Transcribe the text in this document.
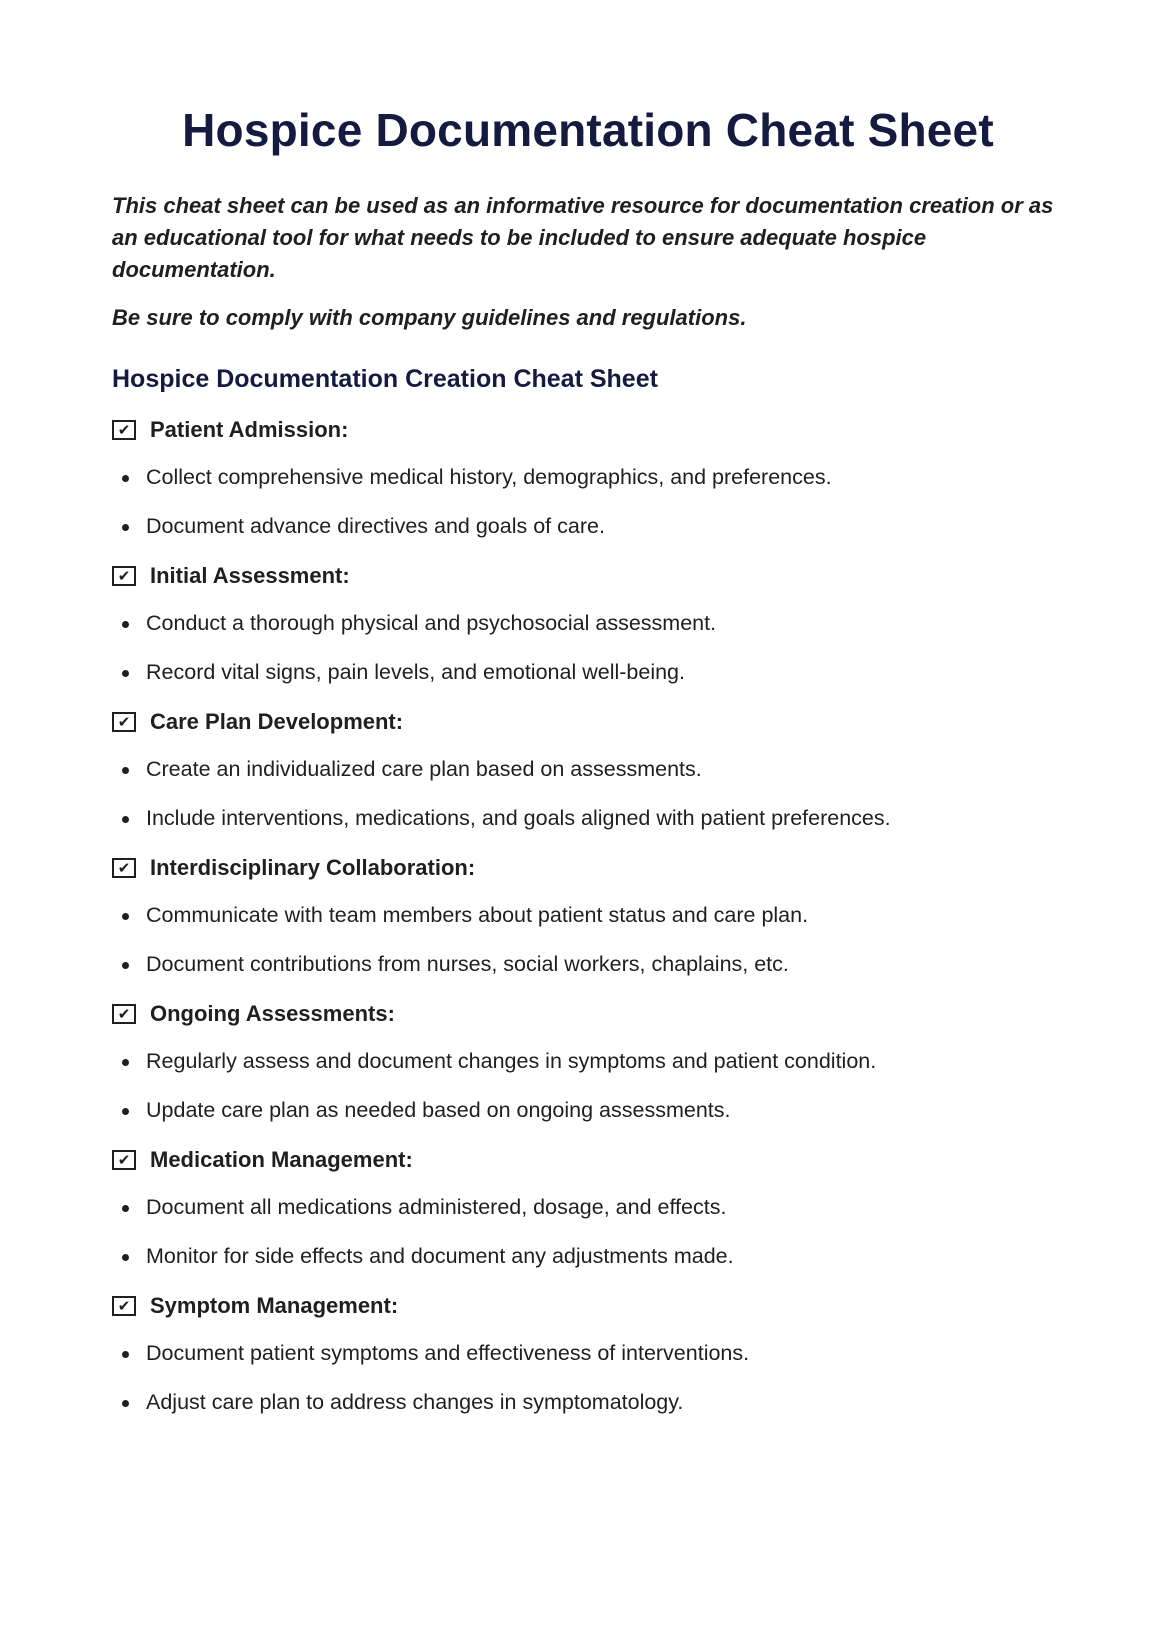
Hospice Documentation Cheat Sheet

This cheat sheet can be used as an informative resource for documentation creation or as an educational tool for what needs to be included to ensure adequate hospice documentation.

Be sure to comply with company guidelines and regulations.

Hospice Documentation Creation Cheat Sheet
✔ Patient Admission:
Collect comprehensive medical history, demographics, and preferences.
Document advance directives and goals of care.
✔ Initial Assessment:
Conduct a thorough physical and psychosocial assessment.
Record vital signs, pain levels, and emotional well-being.
✔ Care Plan Development:
Create an individualized care plan based on assessments.
Include interventions, medications, and goals aligned with patient preferences.
✔ Interdisciplinary Collaboration:
Communicate with team members about patient status and care plan.
Document contributions from nurses, social workers, chaplains, etc.
✔ Ongoing Assessments:
Regularly assess and document changes in symptoms and patient condition.
Update care plan as needed based on ongoing assessments.
✔ Medication Management:
Document all medications administered, dosage, and effects.
Monitor for side effects and document any adjustments made.
✔ Symptom Management:
Document patient symptoms and effectiveness of interventions.
Adjust care plan to address changes in symptomatology.
